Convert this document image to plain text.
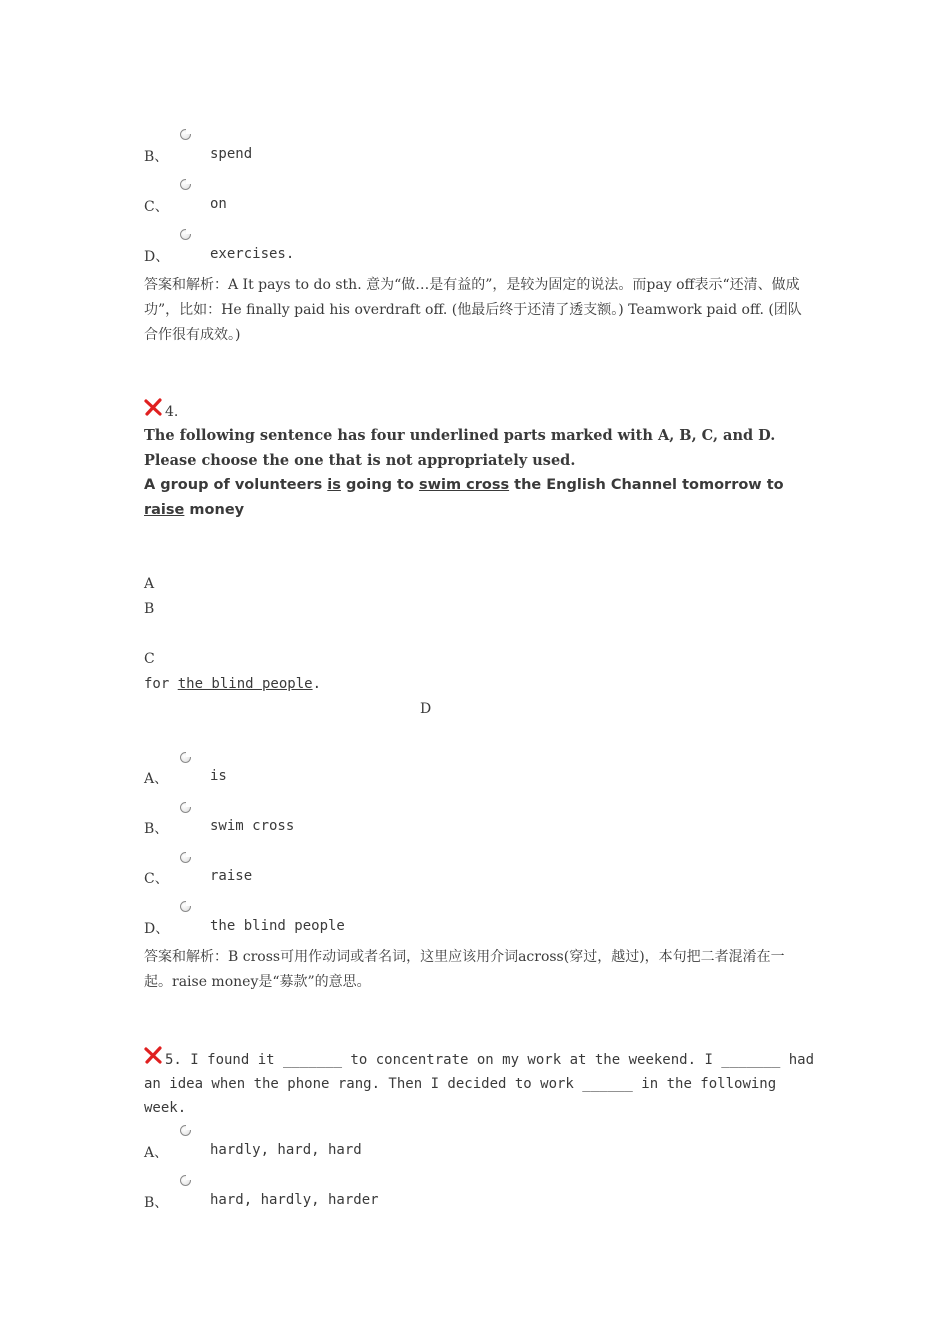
B、	spend
C、	on
D、	exercises.
答案和解析：A It pays to do sth. 意为“做…是有益的”，是较为固定的说法。而pay off表示“还清、做成功”，比如：He finally paid his overdraft off. (他最后终于还清了透支额。) Teamwork paid off. (团队合作很有成效。)
4.
The following sentence has four underlined parts marked with A, B, C, and D. Please choose the one that is not appropriately used.
A group of volunteers is going to swim cross the English Channel tomorrow to raise money
A
B
C
for the blind people.
D
A、	is
B、	swim cross
C、	raise
D、	the blind people
答案和解析：B cross可用作动词或者名词，这里应该用介词across(穿过，越过)，本句把二者混淆在一起。raise money是“募款”的意思。
5. I found it _______ to concentrate on my work at the weekend. I _______ had an idea when the phone rang. Then I decided to work ______ in the following week.
A、	hardly, hard, hard
B、	hard, hardly, harder
